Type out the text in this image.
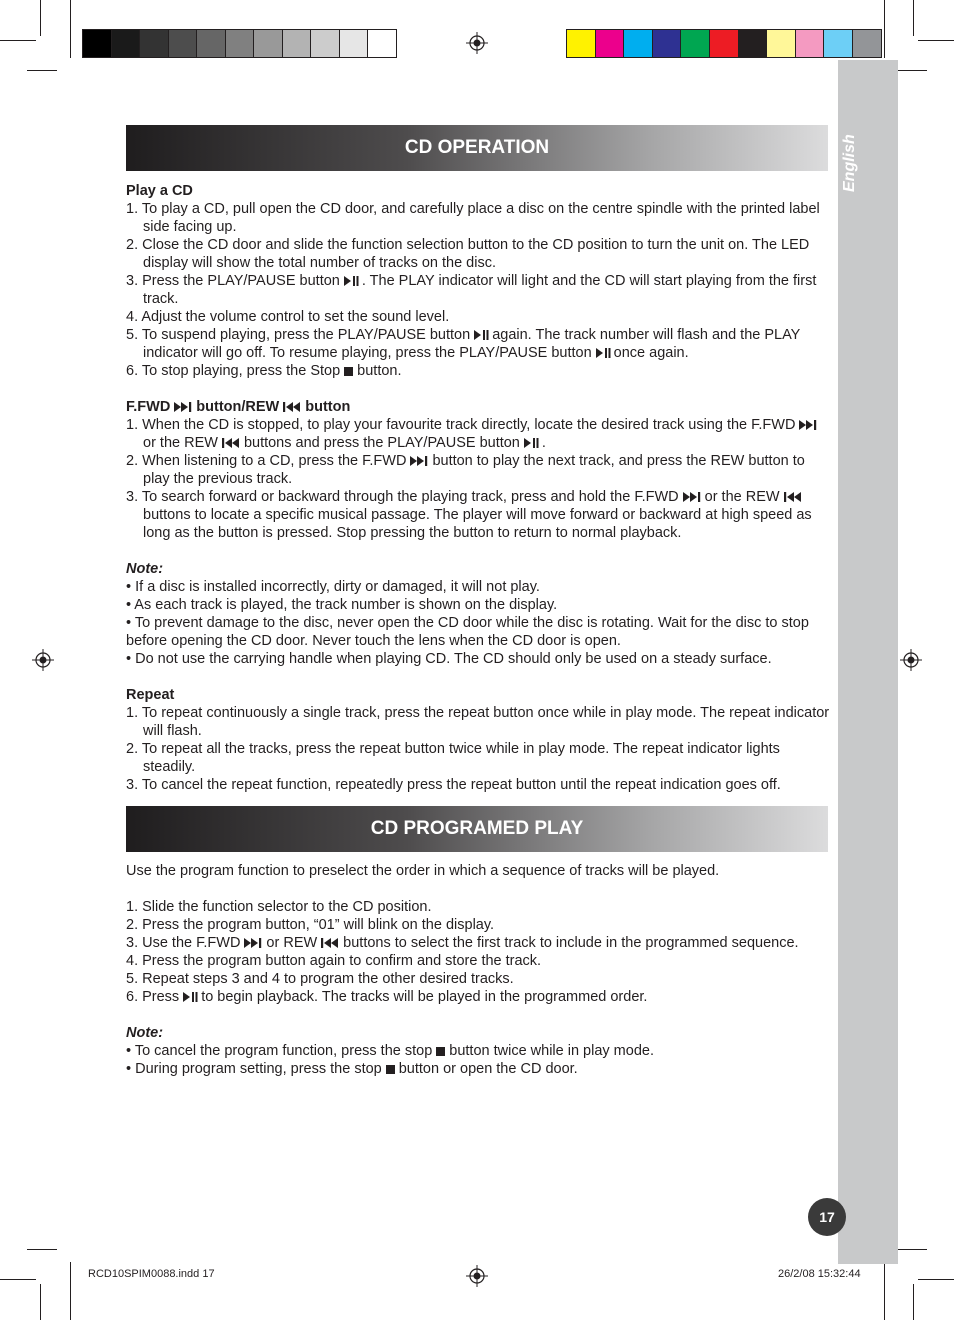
English
17
CD OPERATION

Play a CD

1. To play a CD, pull open the CD door, and carefully place a disc on the centre spindle with the printed label side facing up.

2. Close the CD door and slide the function selection button to the CD position to turn the unit on. The LED display will show the total number of tracks on the disc.

3. Press the PLAY/PAUSE button . The PLAY indicator will light and the CD will start playing from the first track.

4. Adjust the volume control to set the sound level.

5. To suspend playing, press the PLAY/PAUSE button again. The track number will flash and the PLAY indicator will go off. To resume playing, press the PLAY/PAUSE button once again.

6. To stop playing, press the Stop button.

F.FWD button/REW button

1. When the CD is stopped, to play your favourite track directly, locate the desired track using the F.FWDor the REW buttons and press the PLAY/PAUSE button .

2. When listening to a CD, press the F.FWD button to play the next track, and press the REW button to play the previous track.

3. To search forward or backward through the playing track, press and hold the F.FWD or the REWbuttons to locate a specific musical passage. The player will move forward or backward at high speed as long as the button is pressed. Stop pressing the button to return to normal playback.

Note:

• If a disc is installed incorrectly, dirty or damaged, it will not play.

• As each track is played, the track number is shown on the display.

• To prevent damage to the disc, never open the CD door while the disc is rotating. Wait for the disc to stop before opening the CD door. Never touch the lens when the CD door is open.

• Do not use the carrying handle when playing CD. The CD should only be used on a steady surface.

Repeat

1. To repeat continuously a single track, press the repeat button once while in play mode. The repeat indicator will flash.

2. To repeat all the tracks, press the repeat button twice while in play mode. The repeat indicator lights steadily.

3. To cancel the repeat function, repeatedly press the repeat button until the repeat indication goes off.

CD PROGRAMED PLAY

Use the program function to preselect the order in which a sequence of tracks will be played.

1. Slide the function selector to the CD position.

2. Press the program button, “01” will blink on the display.

3. Use the F.FWD or REW buttons to select the first track to include in the programmed sequence.

4. Press the program button again to confirm and store the track.

5. Repeat steps 3 and 4 to program the other desired tracks.

6. Press to begin playback. The tracks will be played in the programmed order.

Note:

• To cancel the program function, press the stop button twice while in play mode.

• During program setting, press the stop button or open the CD door.

RCD10SPIM0088.indd 17	26/2/08 15:32:44
